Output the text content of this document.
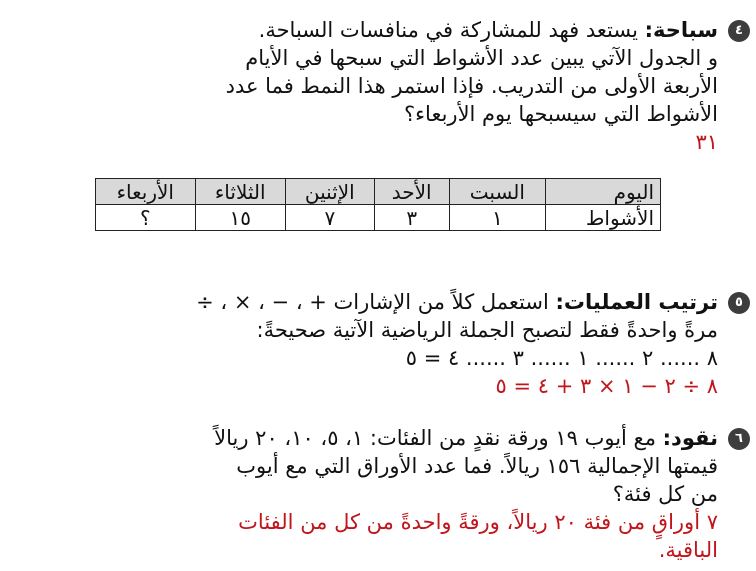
٤

سباحة: يستعد فهد للمشاركة في منافسات السباحة.

و الجدول الآتي يبين عدد الأشواط التي سبحها في الأيام

الأربعة الأولى من التدريب. فإذا استمر هذا النمط فما عدد

الأشواط التي سيسبحها يوم الأربعاء؟

٣١

اليوم	السبت	الأحد	الإثنين	الثلاثاء	الأربعاء
الأشواط	١	٣	٧	١٥	؟
٥

ترتيب العمليات: استعمل كلاً من الإشارات + ، − ، × ، ÷

مرةً واحدةً فقط لتصبح الجملة الرياضية الآتية صحيحةً:

٨ ...... ٢ ...... ١ ...... ٣ ...... ٤ = ٥

٨ ÷ ٢ − ١ × ٣ + ٤ = ٥

٦

نقود: مع أيوب ١٩ ورقة نقدٍ من الفئات: ١، ٥، ١٠، ٢٠ ريالاً

قيمتها الإجمالية ١٥٦ ريالاً. فما عدد الأوراق التي مع أيوب

من كل فئة؟

٧ أوراقٍ من فئة ٢٠ ريالاً، ورقةً واحدةً من كل من الفئات

الباقية.
